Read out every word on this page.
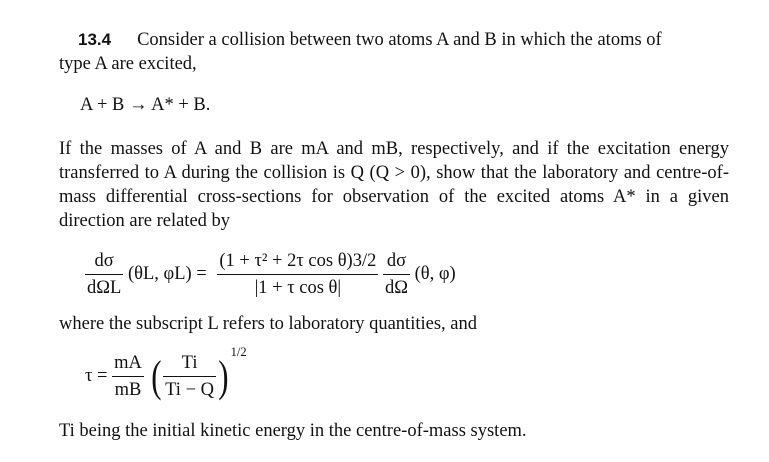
13.4 Consider a collision between two atoms A and B in which the atoms of
type A are excited,
A + B → A* + B.
If the masses of A and B are mA and mB, respectively, and if the excitation energy transferred to A during the collision is Q (Q > 0), show that the laboratory and centre-of-mass differential cross-sections for observation of the excited atoms A* in a given direction are related by
$\frac{d\sigma}{\text{dΩL}} (\theta L$, $\varphi L) = \frac{\text{(1 + τ² + 2τ cos θ)3/2}}{\text{|1 + τ cos θ|}}$
$\frac{d\sigma}{d\Omega} (\theta$, φ)
where the subscript L refers to laboratory quantities, and
$\tau = \frac{mA}{mB}$ ( $\frac{Ti}{Ti - Q}$ ) $^{1/2}$
Ti being the initial kinetic energy in the centre-of-mass system.
